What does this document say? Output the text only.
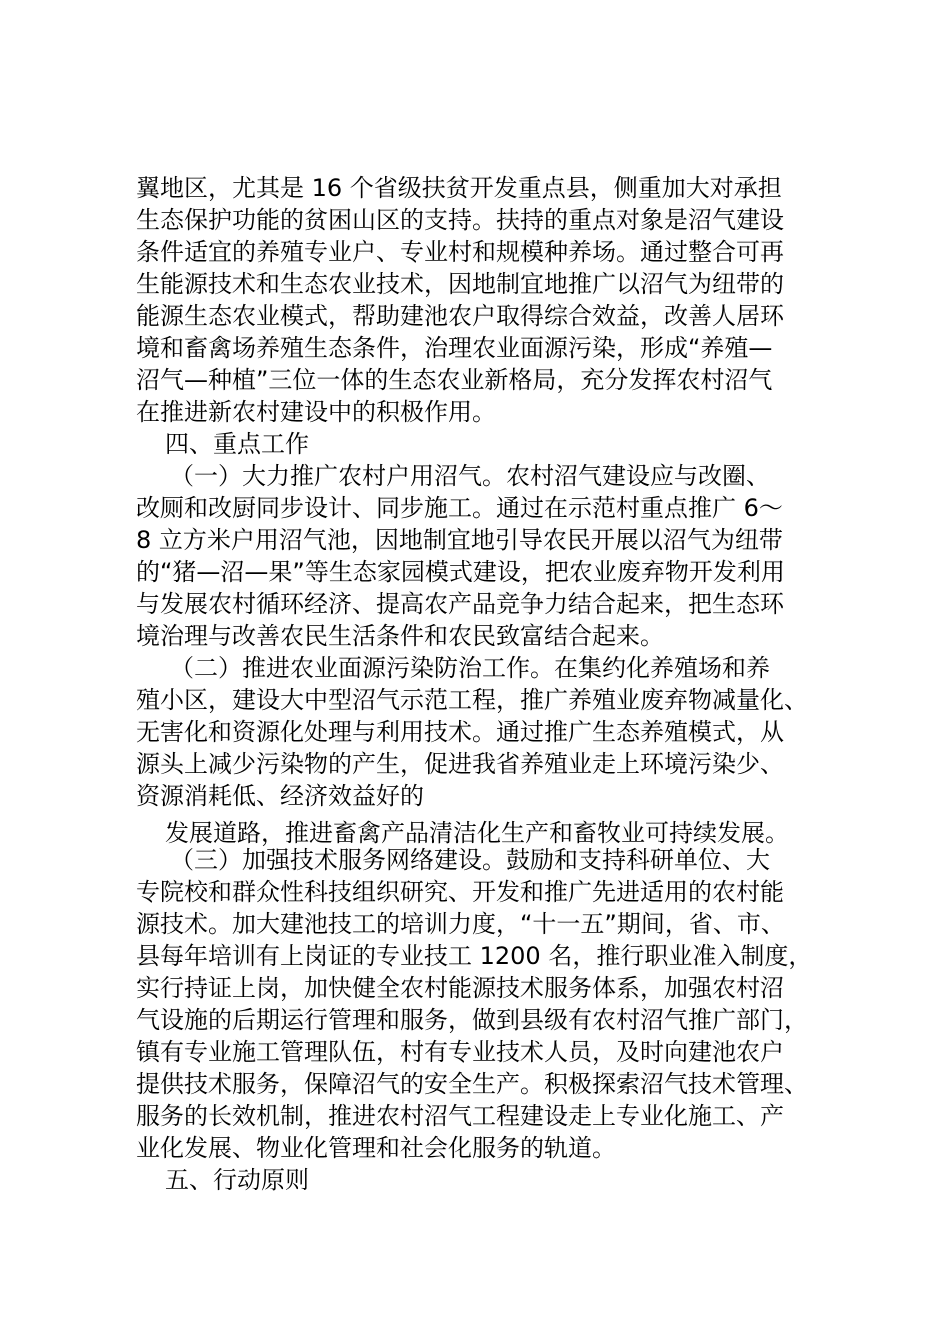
翼地区，尤其是 16 个省级扶贫开发重点县，侧重加大对承担
生态保护功能的贫困山区的支持。扶持的重点对象是沼气建设
条件适宜的养殖专业户、专业村和规模种养场。通过整合可再
生能源技术和生态农业技术，因地制宜地推广以沼气为纽带的
能源生态农业模式，帮助建池农户取得综合效益，改善人居环
境和畜禽场养殖生态条件，治理农业面源污染，形成“养殖—
沼气—种植”三位一体的生态农业新格局，充分发挥农村沼气
在推进新农村建设中的积极作用。
四、重点工作
（一）大力推广农村户用沼气。农村沼气建设应与改圈、
改厕和改厨同步设计、同步施工。通过在示范村重点推广 6～
8 立方米户用沼气池，因地制宜地引导农民开展以沼气为纽带
的“猪—沼—果”等生态家园模式建设，把农业废弃物开发利用
与发展农村循环经济、提高农产品竞争力结合起来，把生态环
境治理与改善农民生活条件和农民致富结合起来。
（二）推进农业面源污染防治工作。在集约化养殖场和养
殖小区，建设大中型沼气示范工程，推广养殖业废弃物减量化、
无害化和资源化处理与利用技术。通过推广生态养殖模式，从
源头上减少污染物的产生，促进我省养殖业走上环境污染少、
资源消耗低、经济效益好的
发展道路，推进畜禽产品清洁化生产和畜牧业可持续发展。
（三）加强技术服务网络建设。鼓励和支持科研单位、大
专院校和群众性科技组织研究、开发和推广先进适用的农村能
源技术。加大建池技工的培训力度，“十一五”期间，省、市、
县每年培训有上岗证的专业技工 1200 名，推行职业准入制度，
实行持证上岗，加快健全农村能源技术服务体系，加强农村沼
气设施的后期运行管理和服务，做到县级有农村沼气推广部门，
镇有专业施工管理队伍，村有专业技术人员，及时向建池农户
提供技术服务，保障沼气的安全生产。积极探索沼气技术管理、
服务的长效机制，推进农村沼气工程建设走上专业化施工、产
业化发展、物业化管理和社会化服务的轨道。
五、行动原则
